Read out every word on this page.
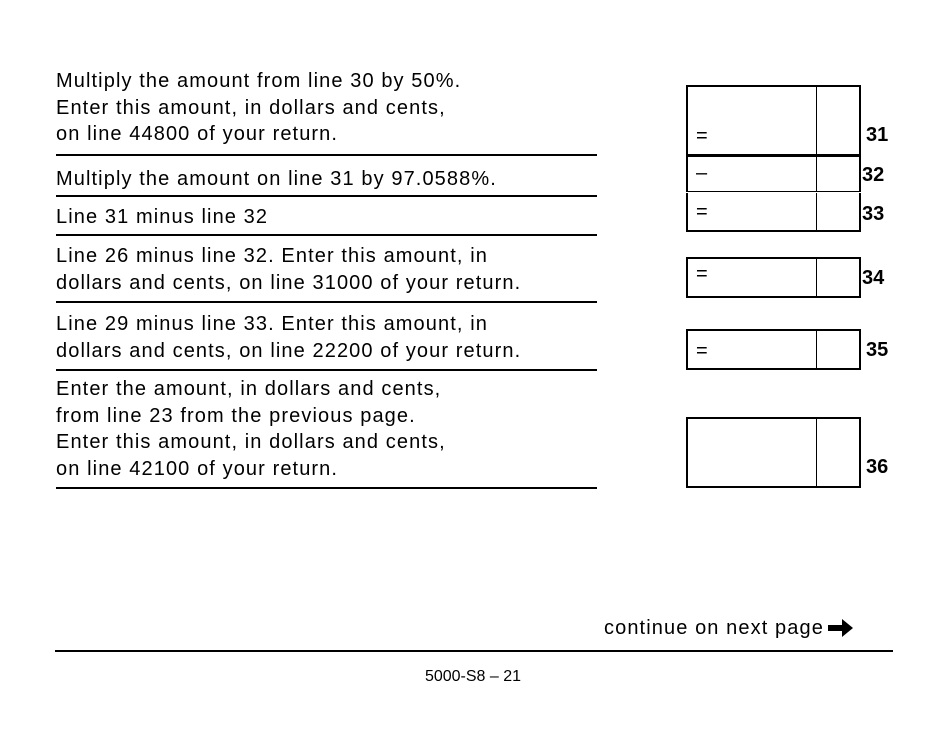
Multiply the amount from line 30 by 50%.
Enter this amount, in dollars and cents,
on line 44800 of your return.
Multiply the amount on line 31 by 97.0588%.
Line 31 minus line 32
Line 26 minus line 32. Enter this amount, in
dollars and cents, on line 31000 of your return.
Line 29 minus line 33. Enter this amount, in
dollars and cents, on line 22200 of your return.
Enter the amount, in dollars and cents,
from line 23 from the previous page.
Enter this amount, in dollars and cents,
on line 42100 of your return.
=
–
=
=
=
31
32
33
34
35
36
continue on next page
5000-S8 – 21
